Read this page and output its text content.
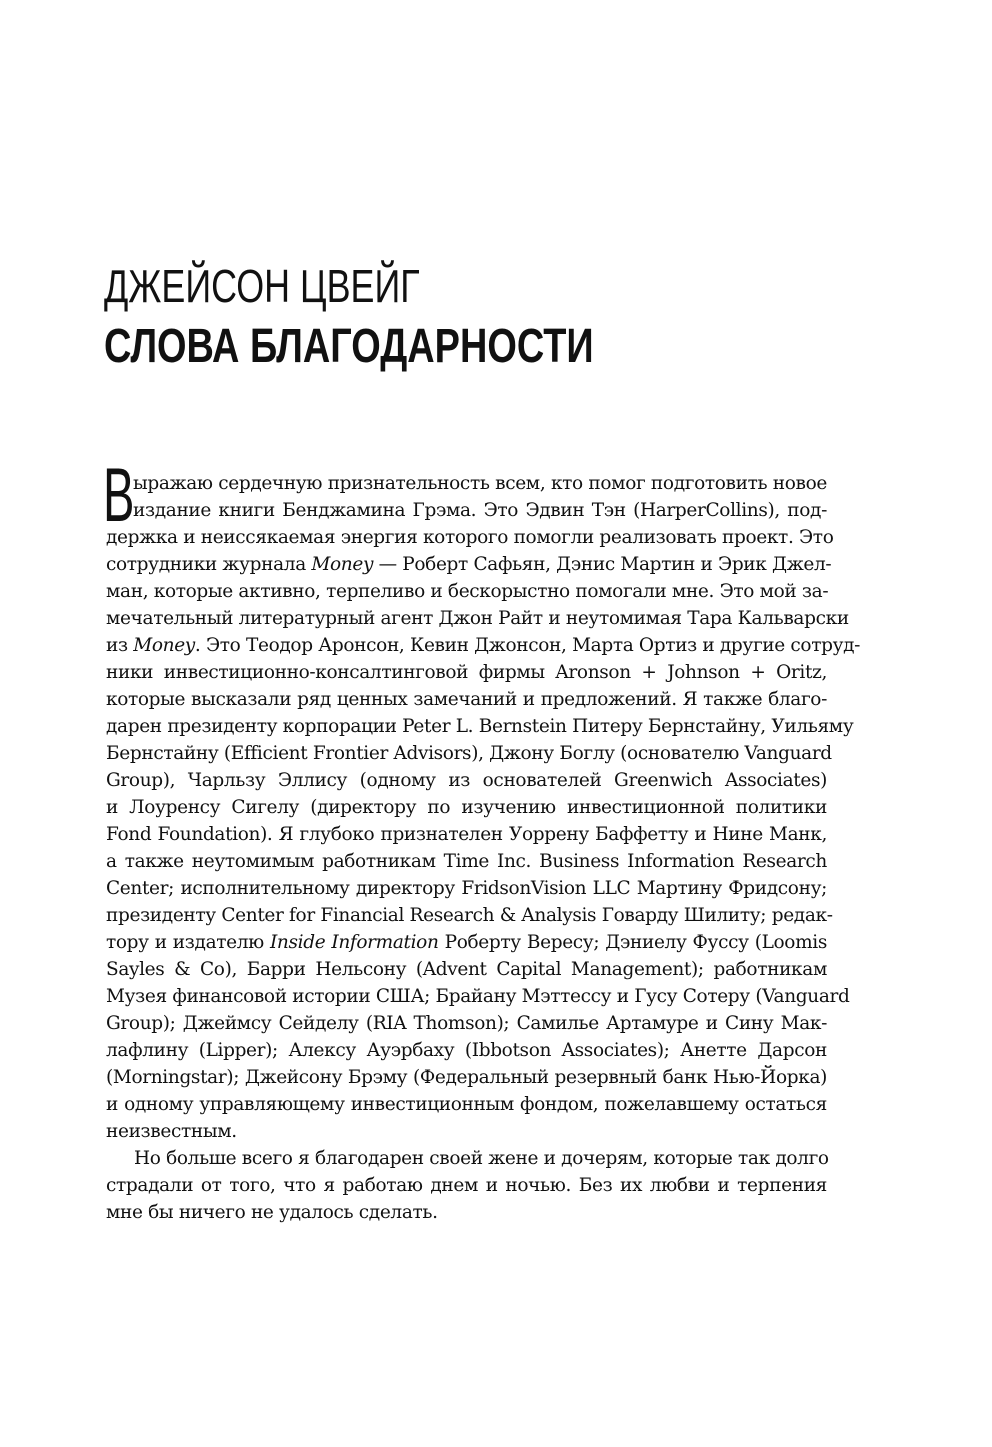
ДЖЕЙСОН ЦВЕЙГ
СЛОВА БЛАГОДАРНОСТИ
В
ыражаю сердечную признательность всем, кто помог подготовить новое
издание книги Бенджамина Грэма. Это Эдвин Тэн (HarperCollins), под-
держка и неиссякаемая энергия которого помогли реализовать проект. Это
сотрудники журнала Money — Роберт Сафьян, Дэнис Мартин и Эрик Джел-
ман, которые активно, терпеливо и бескорыстно помогали мне. Это мой за-
мечательный литературный агент Джон Райт и неутомимая Тара Кальварски
из Money. Это Теодор Аронсон, Кевин Джонсон, Марта Ортиз и другие сотруд-
ники инвестиционно-консалтинговой фирмы Aronson + Johnson + Oritz,
которые высказали ряд ценных замечаний и предложений. Я также благо-
дарен президенту корпорации Peter L. Bernstein Питеру Бернстайну, Уильяму
Бернстайну (Efficient Frontier Advisors), Джону Боглу (основателю Vanguard
Group), Чарльзу Эллису (одному из основателей Greenwich Associates)
и Лоуренсу Сигелу (директору по изучению инвестиционной политики
Fond Foundation). Я глубоко признателен Уоррену Баффетту и Нине Манк,
а также неутомимым работникам Time Inc. Business Information Research
Center; исполнительному директору FridsonVision LLC Мартину Фридсону;
президенту Center for Financial Research & Analysis Говарду Шилиту; редак-
тору и издателю Inside Information Роберту Вересу; Дэниелу Фуссу (Loomis
Sayles & Co), Барри Нельсону (Advent Capital Management); работникам
Музея финансовой истории США; Брайану Мэттессу и Гусу Сотеру (Vanguard
Group); Джеймсу Сейделу (RIA Thomson); Самилье Артамуре и Сину Мак-
лафлину (Lipper); Алексу Ауэрбаху (Ibbotson Associates); Анетте Дарсон
(Morningstar); Джейсону Брэму (Федеральный резервный банк Нью-Йорка)
и одному управляющему инвестиционным фондом, пожелавшему остаться
неизвестным.
Но больше всего я благодарен своей жене и дочерям, которые так долго
страдали от того, что я работаю днем и ночью. Без их любви и терпения
мне бы ничего не удалось сделать.
